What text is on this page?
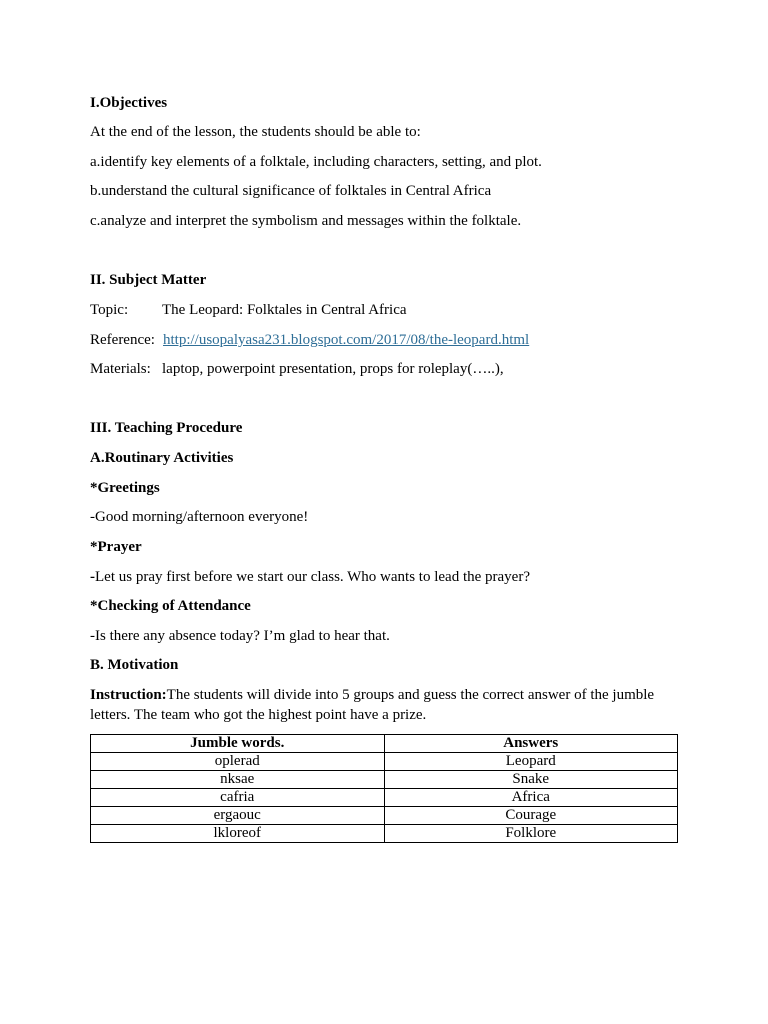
I.Objectives
At the end of the lesson, the students should be able to:
a.identify key elements of a folktale, including characters, setting, and plot.
b.understand the cultural significance of folktales in Central Africa
c.analyze and interpret the symbolism and messages within the folktale.
II. Subject Matter
Topic: The Leopard: Folktales in Central Africa
Reference: http://usopalyasa231.blogspot.com/2017/08/the-leopard.html
Materials: laptop, powerpoint presentation, props for roleplay(…..),
III. Teaching Procedure
A.Routinary Activities
*Greetings
-Good morning/afternoon everyone!
*Prayer
-Let us pray first before we start our class. Who wants to lead the prayer?
*Checking of Attendance
-Is there any absence today? I’m glad to hear that.
B. Motivation
Instruction:The students will divide into 5 groups and guess the correct answer of the jumble letters. The team who got the highest point have a prize.
Jumble words.	Answers
oplerad	Leopard
nksae	Snake
cafria	Africa
ergaouc	Courage
lkloreof	Folklore
